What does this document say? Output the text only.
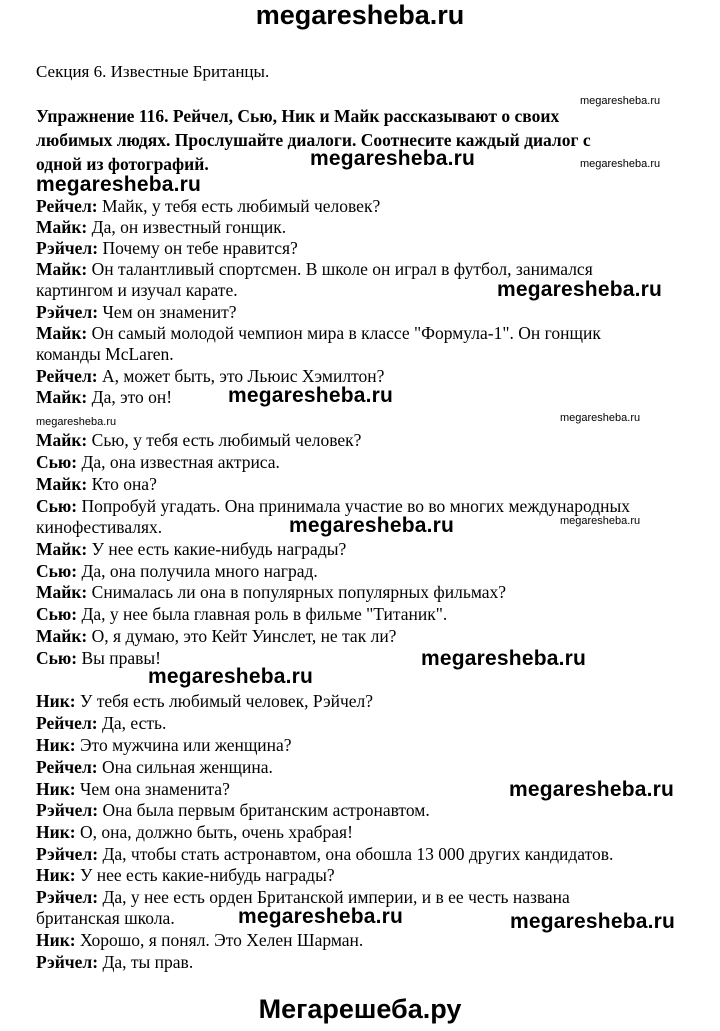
megaresheba.ru
Секция 6. Известные Британцы.
Упражнение 116. Рейчел, Сью, Ник и Майк рассказывают о своих
любимых людях. Прослушайте диалоги. Соотнесите каждый диалог с
одной из фотографий.
Рейчел: Майк, у тебя есть любимый человек?
Майк: Да, он известный гонщик.
Рэйчел: Почему он тебе нравится?
Майк: Он талантливый спортсмен. В школе он играл в футбол, занимался
картингом и изучал карате.
Рэйчел: Чем он знаменит?
Майк: Он самый молодой чемпион мира в классе "Формула-1". Он гонщик
команды McLaren.
Рейчел: А, может быть, это Льюис Хэмилтон?
Майк: Да, это он!
Майк: Сью, у тебя есть любимый человек?
Сью: Да, она известная актриса.
Майк: Кто она?
Сью: Попробуй угадать. Она принимала участие во во многих международных
кинофестивалях.
Майк: У нее есть какие-нибудь награды?
Сью: Да, она получила много наград.
Майк: Снималась ли она в популярных популярных фильмах?
Сью: Да, у нее была главная роль в фильме "Титаник".
Майк: О, я думаю, это Кейт Уинслет, не так ли?
Сью: Вы правы!
Ник: У тебя есть любимый человек, Рэйчел?
Рейчел: Да, есть.
Ник: Это мужчина или женщина?
Рейчел: Она сильная женщина.
Ник: Чем она знаменита?
Рэйчел: Она была первым британским астронавтом.
Ник: О, она, должно быть, очень храбрая!
Рэйчел: Да, чтобы стать астронавтом, она обошла 13 000 других кандидатов.
Ник: У нее есть какие-нибудь награды?
Рэйчел: Да, у нее есть орден Британской империи, и в ее честь названа
британская школа.
Ник: Хорошо, я понял. Это Хелен Шарман.
Рэйчел: Да, ты прав.
megaresheba.ru
megaresheba.ru	megaresheba.ru
megaresheba.ru
megaresheba.ru
megaresheba.ru
megaresheba.ru
megaresheba.ru
megaresheba.ru	megaresheba.ru
megaresheba.ru
megaresheba.ru
megaresheba.ru
megaresheba.ru	megaresheba.ru
Мегарешеба.ру
